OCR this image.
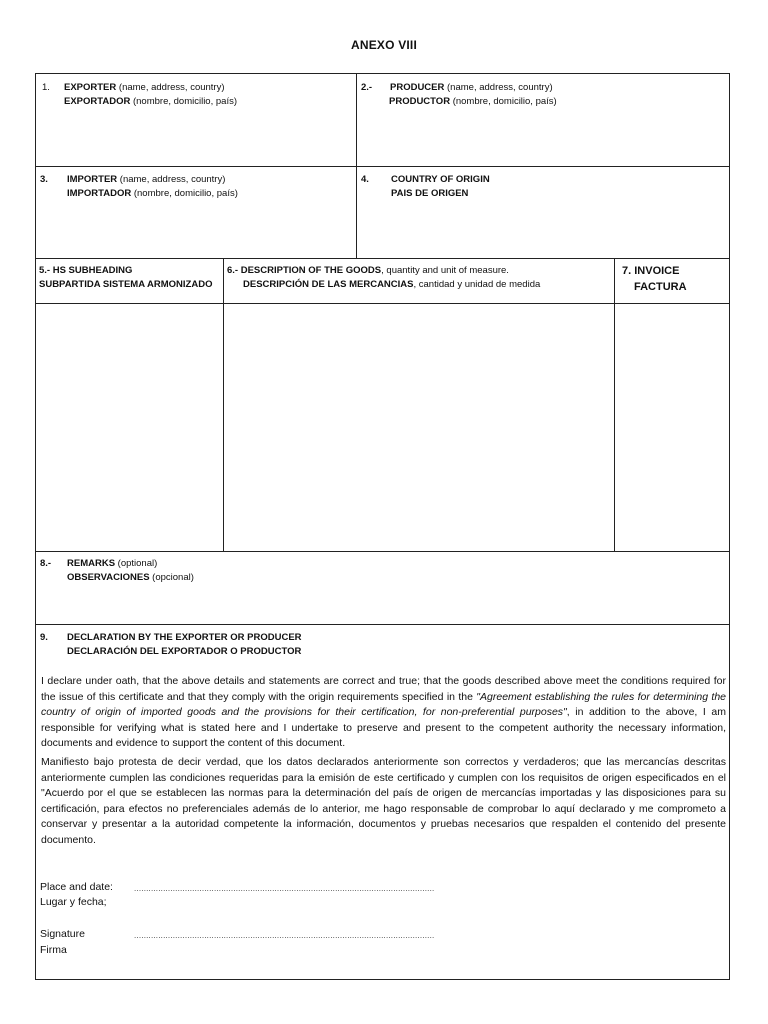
ANEXO VIII
1. EXPORTER (name, address, country)
EXPORTADOR (nombre, domicilio, país)
2.- PRODUCER (name, address, country)
PRODUCTOR (nombre, domicilio, país)
3. IMPORTER (name, address, country)
IMPORTADOR (nombre, domicilio, país)
4. COUNTRY OF ORIGIN
PAIS DE ORIGEN
5.- HS SUBHEADING
SUBPARTIDA SISTEMA ARMONIZADO
6.- DESCRIPTION OF THE GOODS, quantity and unit of measure.
DESCRIPCIÓN DE LAS MERCANCIAS, cantidad y unidad de medida
7. INVOICE
FACTURA
8.- REMARKS (optional)
OBSERVACIONES (opcional)
9. DECLARATION BY THE EXPORTER OR PRODUCER
DECLARACIÓN DEL EXPORTADOR O PRODUCTOR
I declare under oath, that the above details and statements are correct and true; that the goods described above meet the conditions required for the issue of this certificate and that they comply with the origin requirements specified in the "Agreement establishing the rules for determining the country of origin of imported goods and the provisions for their certification, for non-preferential purposes", in addition to the above, I am responsible for verifying what is stated here and I undertake to preserve and present to the competent authority the necessary information, documents and evidence to support the content of this document.
Manifiesto bajo protesta de decir verdad, que los datos declarados anteriormente son correctos y verdaderos; que las mercancías descritas anteriormente cumplen las condiciones requeridas para la emisión de este certificado y cumplen con los requisitos de origen especificados en el "Acuerdo por el que se establecen las normas para la determinación del país de origen de mercancías importadas y las disposiciones para su certificación, para efectos no preferenciales además de lo anterior, me hago responsable de comprobar lo aquí declarado y me comprometo a conservar y presentar a la autoridad competente la información, documentos y pruebas necesarios que respalden el contenido del presente documento.
Place and date:
Lugar y fecha;
............................................................................................................................
Signature
Firma
............................................................................................................................
